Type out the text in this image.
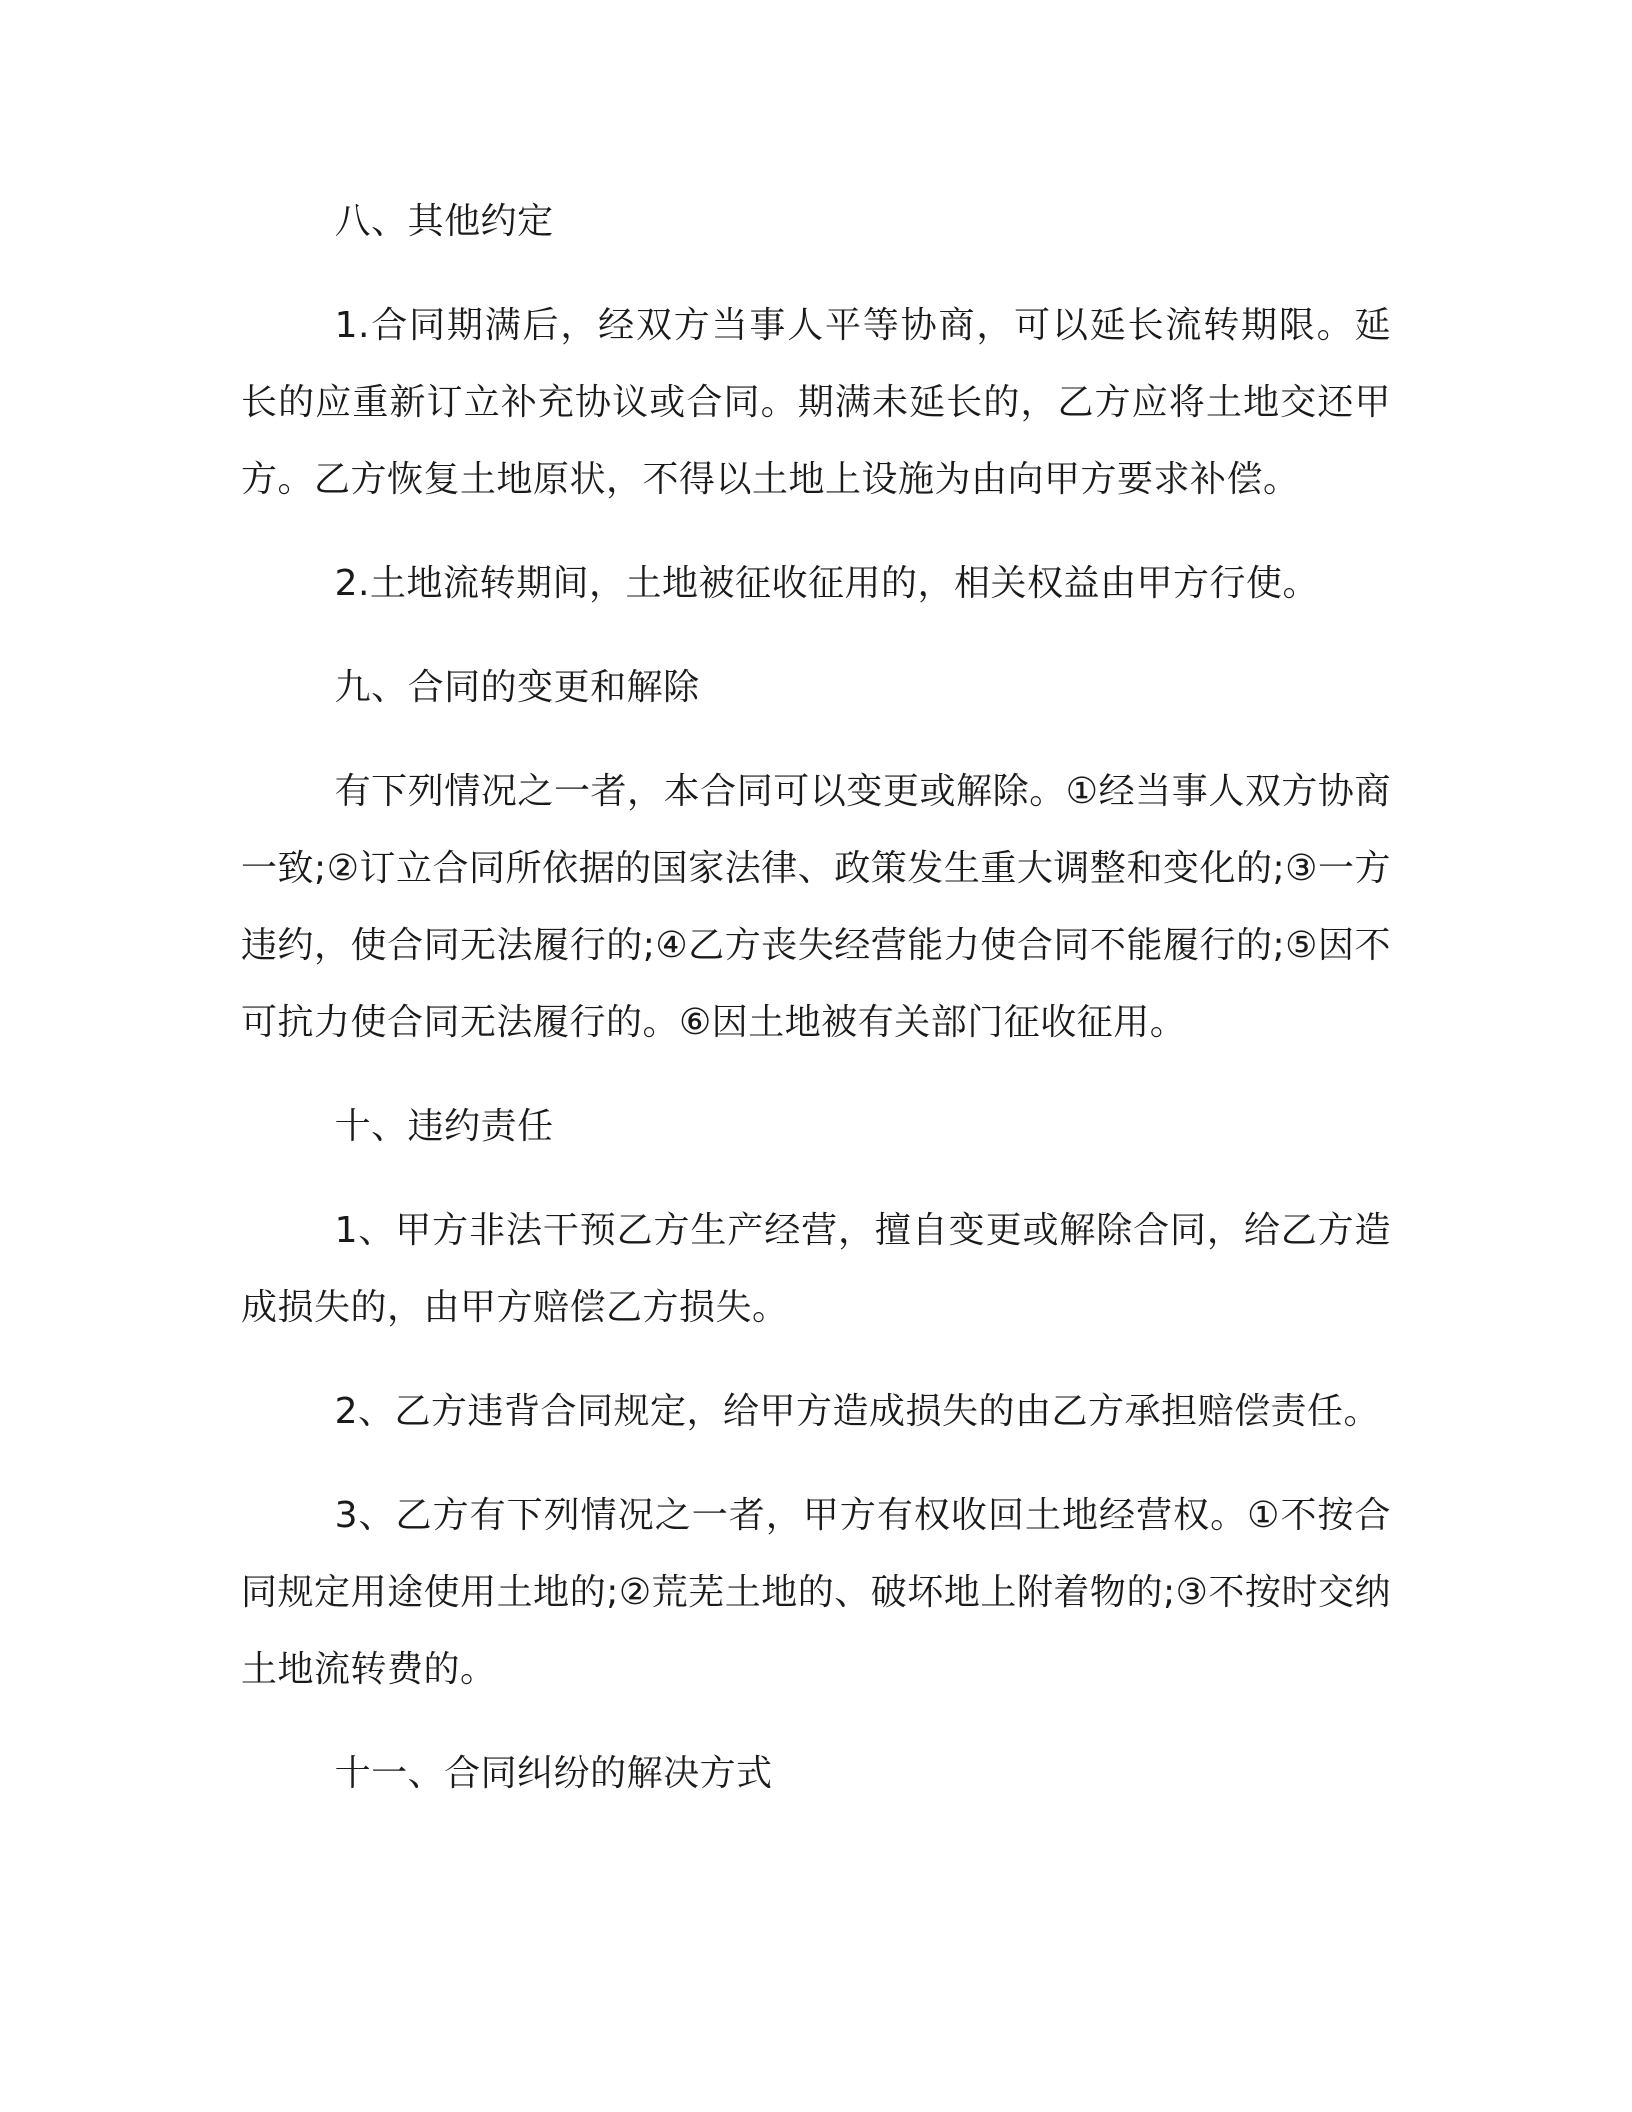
八、其他约定

1.合同期满后，经双方当事人平等协商，可以延长流转期限。延长的应重新订立补充协议或合同。期满未延长的，乙方应将土地交还甲方。乙方恢复土地原状，不得以土地上设施为由向甲方要求补偿。

2.土地流转期间，土地被征收征用的，相关权益由甲方行使。

九、合同的变更和解除

有下列情况之一者，本合同可以变更或解除。①经当事人双方协商一致;②订立合同所依据的国家法律、政策发生重大调整和变化的;③一方违约，使合同无法履行的;④乙方丧失经营能力使合同不能履行的;⑤因不可抗力使合同无法履行的。⑥因土地被有关部门征收征用。

十、违约责任

1、甲方非法干预乙方生产经营，擅自变更或解除合同，给乙方造成损失的，由甲方赔偿乙方损失。

2、乙方违背合同规定，给甲方造成损失的由乙方承担赔偿责任。

3、乙方有下列情况之一者，甲方有权收回土地经营权。①不按合同规定用途使用土地的;②荒芜土地的、破坏地上附着物的;③不按时交纳土地流转费的。

十一、合同纠纷的解决方式
